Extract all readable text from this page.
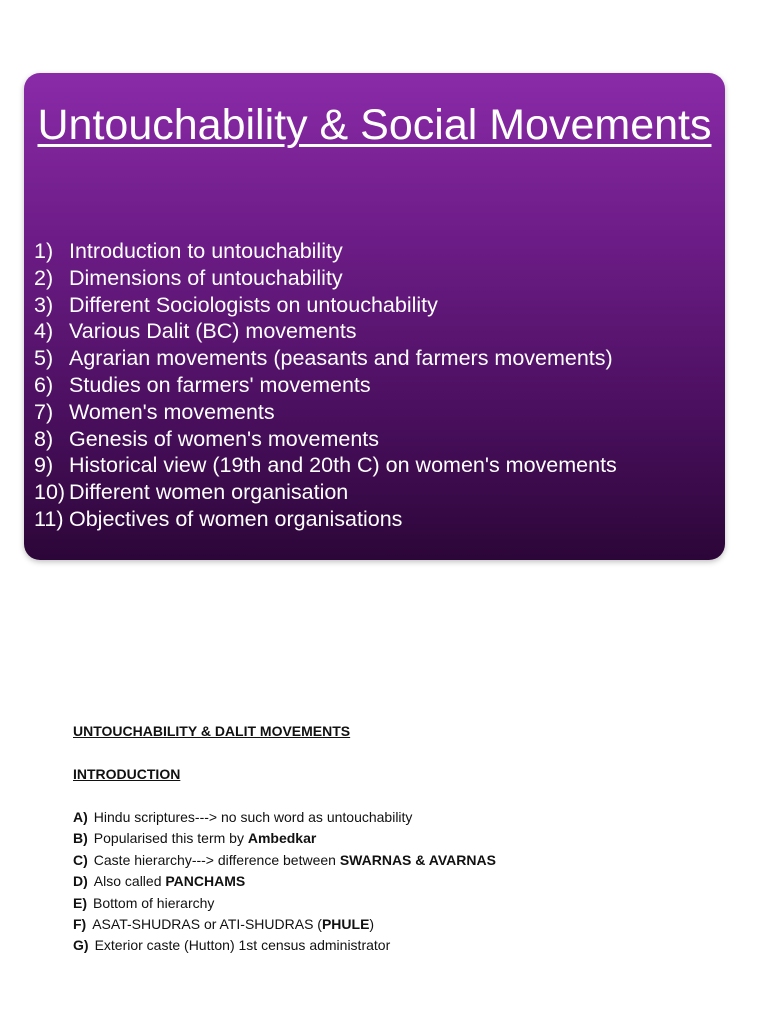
Untouchability & Social Movements
1) Introduction to untouchability
2) Dimensions of untouchability
3) Different Sociologists on untouchability
4) Various Dalit (BC) movements
5) Agrarian movements (peasants and farmers movements)
6) Studies on farmers' movements
7) Women's movements
8) Genesis of women's movements
9) Historical view (19th and 20th C) on women's movements
10) Different women organisation
11) Objectives of women organisations

UNTOUCHABILITY & DALIT MOVEMENTS

INTRODUCTION

A) Hindu scriptures---> no such word as untouchability
B) Popularised this term by Ambedkar
C) Caste hierarchy---> difference between SWARNAS & AVARNAS
D) Also called PANCHAMS
E) Bottom of hierarchy
F) ASAT-SHUDRAS or ATI-SHUDRAS (PHULE)
G) Exterior caste (Hutton) 1st census administrator
